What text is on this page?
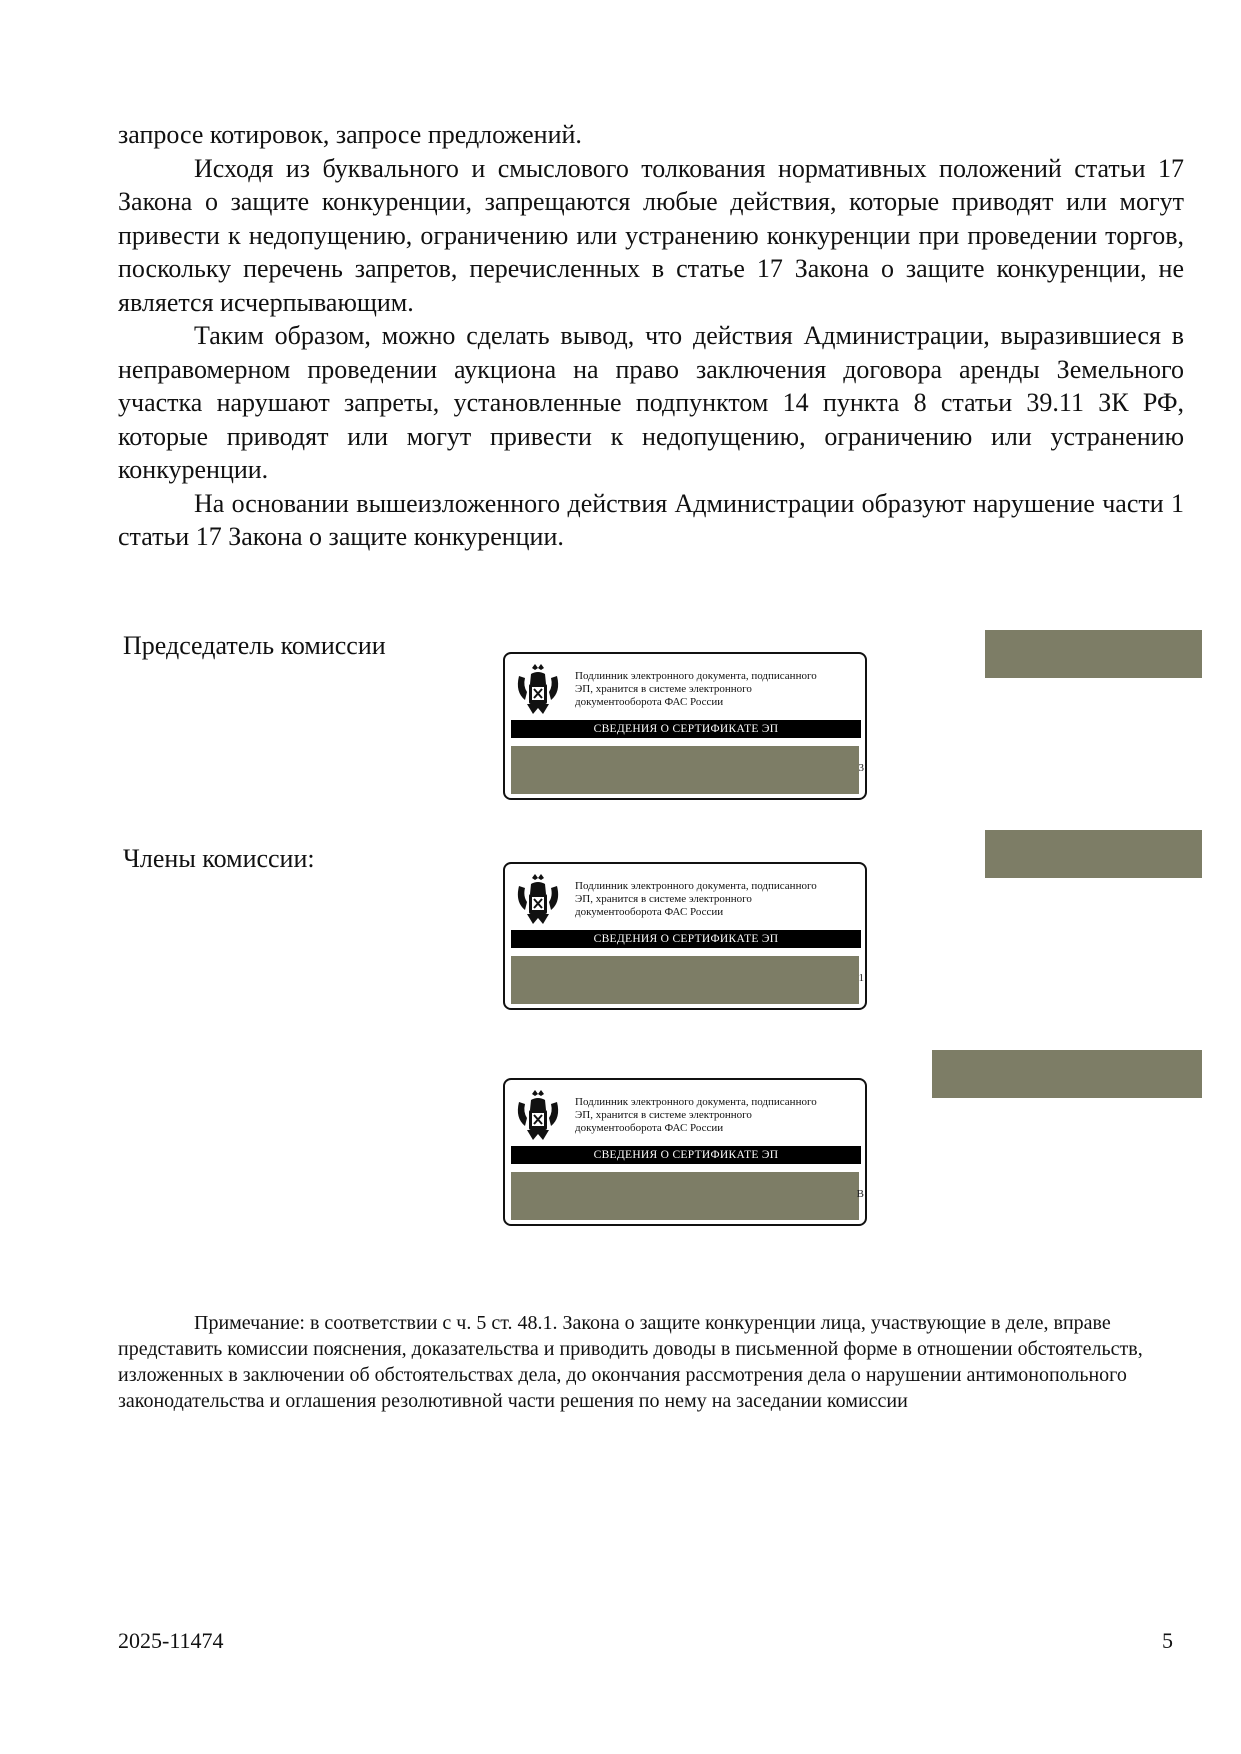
запросе котировок, запросе предложений.

Исходя из буквального и смыслового толкования нормативных положений статьи 17 Закона о защите конкуренции, запрещаются любые действия, которые приводят или могут привести к недопущению, ограничению или устранению конкуренции при проведении торгов, поскольку перечень запретов, перечисленных в статье 17 Закона о защите конкуренции, не является исчерпывающим.

Таким образом, можно сделать вывод, что действия Администрации, выразившиеся в неправомерном проведении аукциона на право заключения договора аренды Земельного участка нарушают запреты, установленные подпунктом 14 пункта 8 статьи 39.11 ЗК РФ, которые приводят или могут привести к недопущению, ограничению или устранению конкуренции.

На основании вышеизложенного действия Администрации образуют нарушение части 1 статьи 17 Закона о защите конкуренции.

Председатель комиссии
Члены комиссии:
Подлинник электронного документа, подписанного
ЭП, хранится в системе электронного
документооборота ФАС России
СВЕДЕНИЯ О СЕРТИФИКАТЕ ЭП
3
Подлинник электронного документа, подписанного
ЭП, хранится в системе электронного
документооборота ФАС России
СВЕДЕНИЯ О СЕРТИФИКАТЕ ЭП
1
Подлинник электронного документа, подписанного
ЭП, хранится в системе электронного
документооборота ФАС России
СВЕДЕНИЯ О СЕРТИФИКАТЕ ЭП
B

Примечание: в соответствии с ч. 5 ст. 48.1. Закона о защите конкуренции лица, участвующие в деле, вправе представить комиссии пояснения, доказательства и приводить доводы в письменной форме в отношении обстоятельств, изложенных в заключении об обстоятельствах дела, до окончания рассмотрения дела о нарушении антимонопольного законодательства и оглашения резолютивной части решения по нему на заседании комиссии

2025-11474	5
